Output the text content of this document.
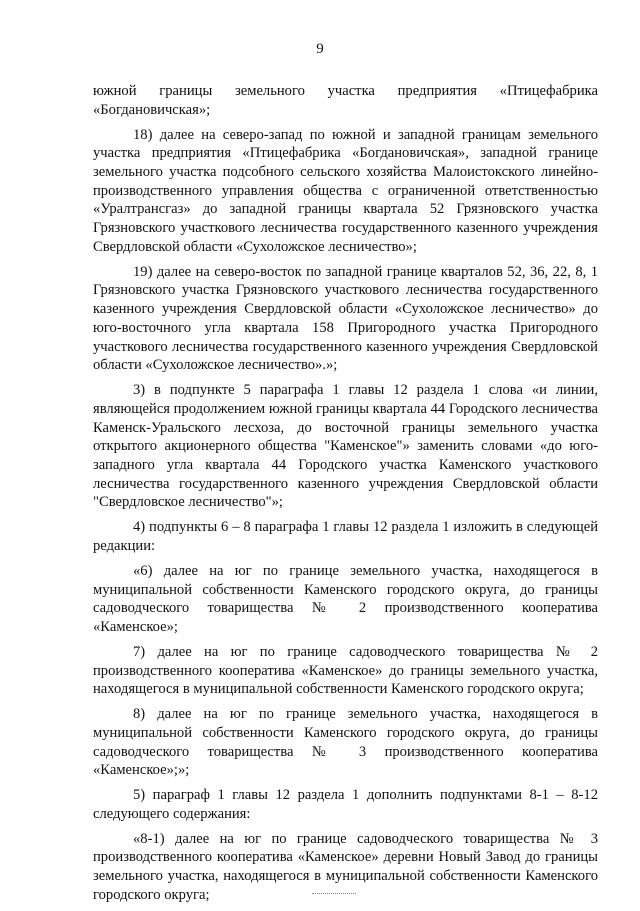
9

южной границы земельного участка предприятия «Птицефабрика «Богдановичская»;

18) далее на северо-запад по южной и западной границам земельного участка предприятия «Птицефабрика «Богдановичская», западной границе земельного участка подсобного сельского хозяйства Малоистокского линейно-производственного управления общества с ограниченной ответственностью «Уралтрансгаз» до западной границы квартала 52 Грязновского участка Грязновского участкового лесничества государственного казенного учреждения Свердловской области «Сухоложское лесничество»;

19) далее на северо-восток по западной границе кварталов 52, 36, 22, 8, 1 Грязновского участка Грязновского участкового лесничества государственного казенного учреждения Свердловской области «Сухоложское лесничество» до юго-восточного угла квартала 158 Пригородного участка Пригородного участкового лесничества государственного казенного учреждения Свердловской области «Сухоложское лесничество».»;

3) в подпункте 5 параграфа 1 главы 12 раздела 1 слова «и линии, являющейся продолжением южной границы квартала 44 Городского лесничества Каменск-Уральского лесхоза, до восточной границы земельного участка открытого акционерного общества "Каменское"» заменить словами «до юго-западного угла квартала 44 Городского участка Каменского участкового лесничества государственного казенного учреждения Свердловской области "Свердловское лесничество"»;

4) подпункты 6 – 8 параграфа 1 главы 12 раздела 1 изложить в следующей редакции:

«6) далее на юг по границе земельного участка, находящегося в муниципальной собственности Каменского городского округа, до границы садоводческого товарищества № 2 производственного кооператива «Каменское»;

7) далее на юг по границе садоводческого товарищества № 2 производственного кооператива «Каменское» до границы земельного участка, находящегося в муниципальной собственности Каменского городского округа;

8) далее на юг по границе земельного участка, находящегося в муниципальной собственности Каменского городского округа, до границы садоводческого товарищества № 3 производственного кооператива «Каменское»;»;

5) параграф 1 главы 12 раздела 1 дополнить подпунктами 8-1 – 8-12 следующего содержания:

«8-1) далее на юг по границе садоводческого товарищества № 3 производственного кооператива «Каменское» деревни Новый Завод до границы земельного участка, находящегося в муниципальной собственности Каменского городского округа;
